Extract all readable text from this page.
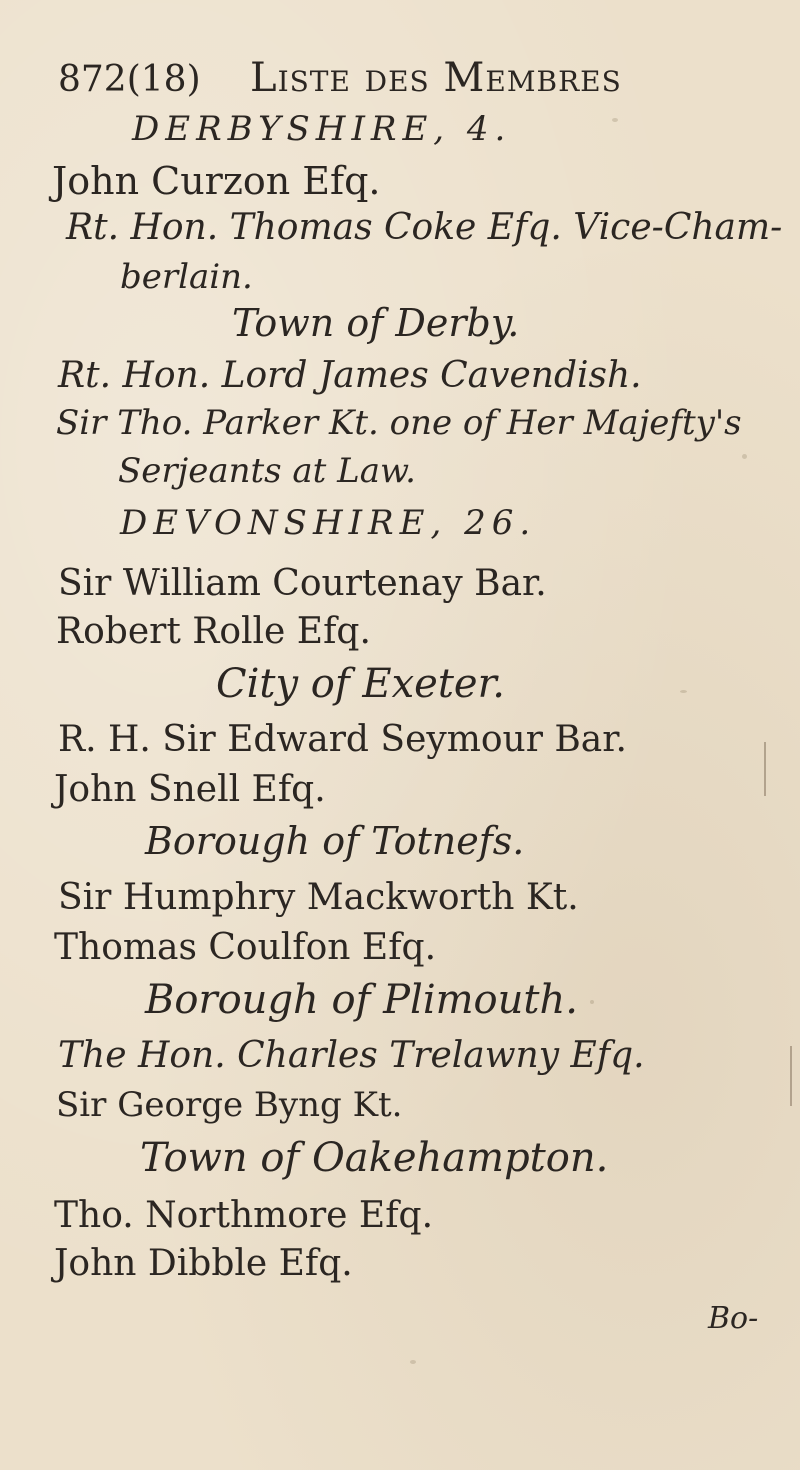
872(18) Liste des Membres
DERBYSHIRE, 4.
John Curzon Efq.
Rt. Hon. Thomas Coke Efq. Vice-Cham-
berlain.
Town of Derby.
Rt. Hon. Lord James Cavendish.
Sir Tho. Parker Kt. one of Her Majefty's
Serjeants at Law.
DEVONSHIRE, 26.
Sir William Courtenay Bar.
Robert Rolle Efq.
City of Exeter.
R. H. Sir Edward Seymour Bar.
John Snell Efq.
Borough of Totnefs.
Sir Humphry Mackworth Kt.
Thomas Coulfon Efq.
Borough of Plimouth.
The Hon. Charles Trelawny Efq.
Sir George Byng Kt.
Town of Oakehampton.
Tho. Northmore Efq.
John Dibble Efq.
Bo-
